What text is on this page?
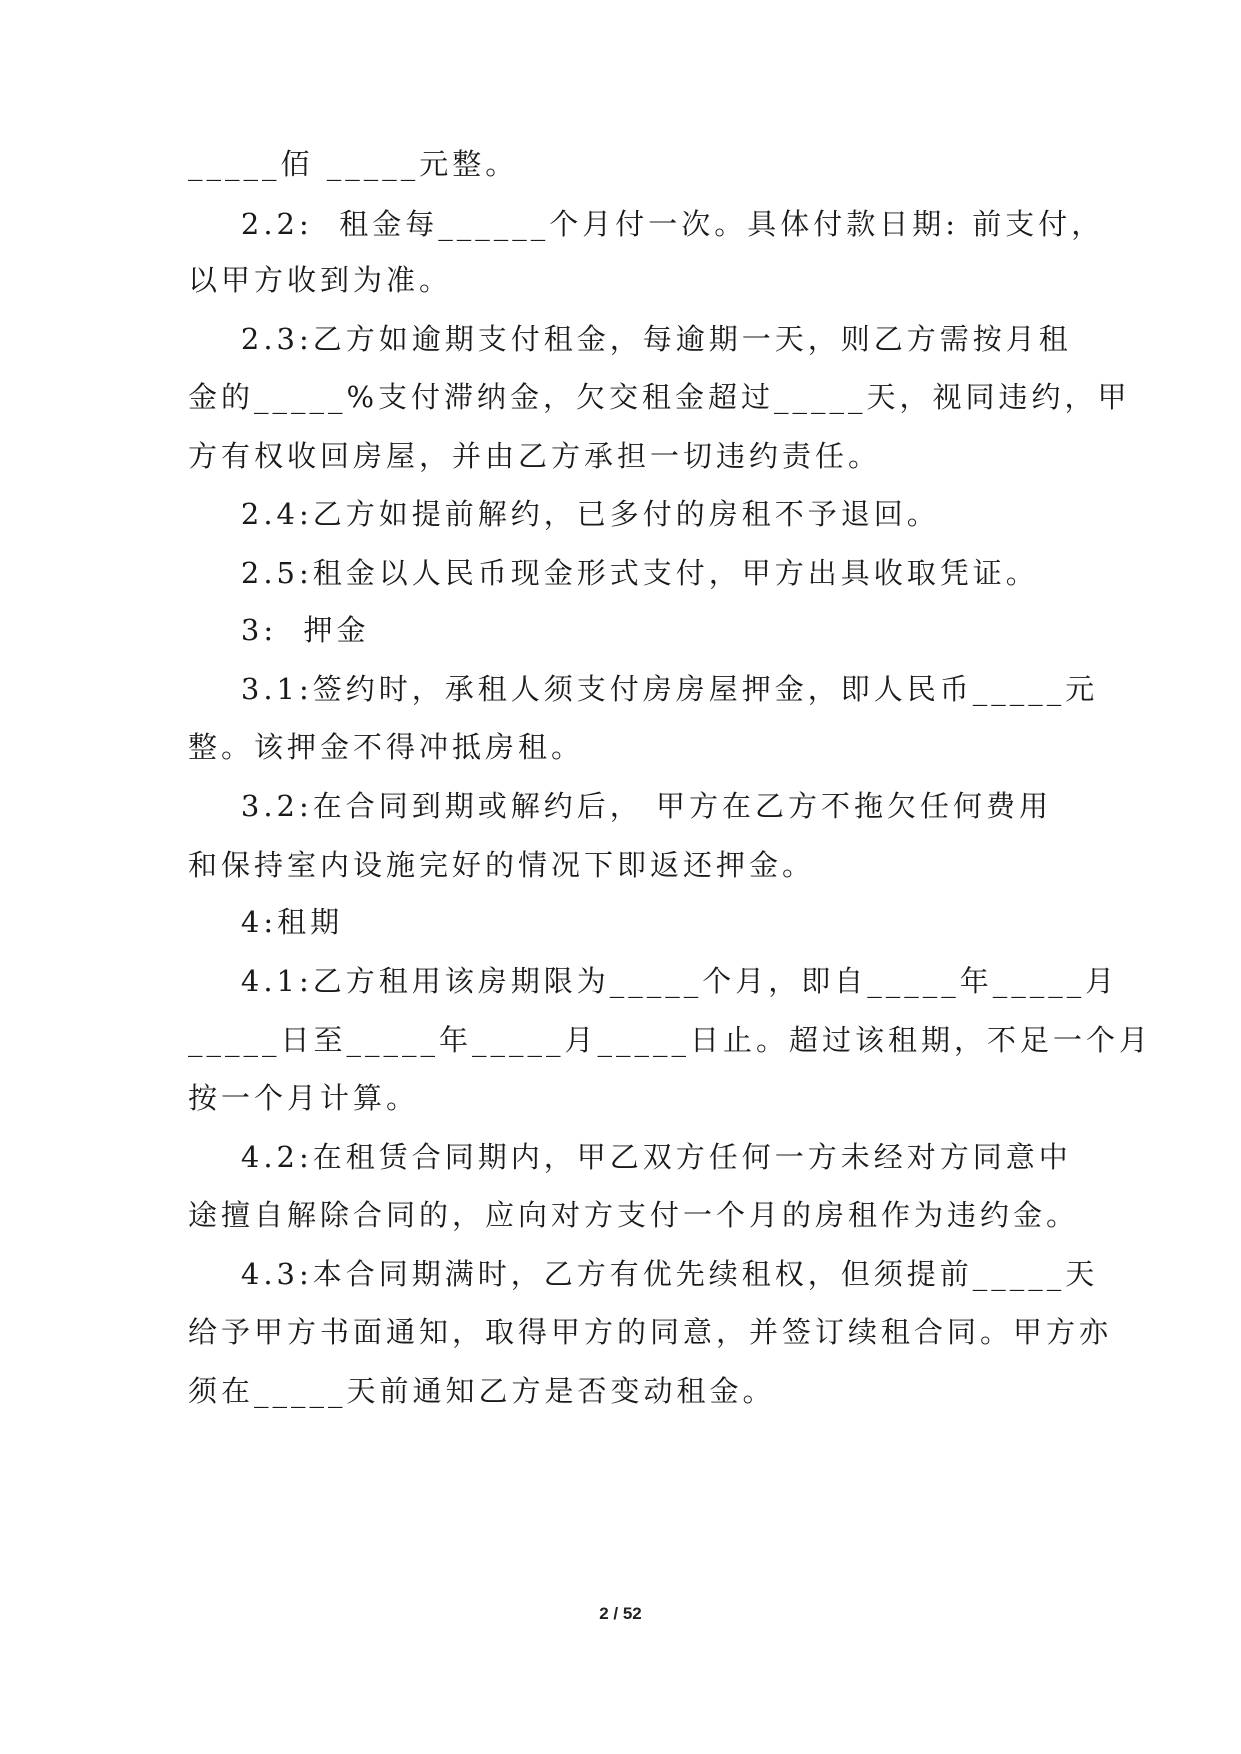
_____佰 _____元整。
2.2:  租金每______个月付一次。具体付款日期: 前支付，
以甲方收到为准。
2.3:乙方如逾期支付租金，每逾期一天，则乙方需按月租
金的_____%支付滞纳金，欠交租金超过_____天，视同违约，甲
方有权收回房屋，并由乙方承担一切违约责任。
2.4:乙方如提前解约，已多付的房租不予退回。
2.5:租金以人民币现金形式支付，甲方出具收取凭证。
3:  押金
3.1:签约时，承租人须支付房房屋押金，即人民币_____元
整。该押金不得冲抵房租。
3.2:在合同到期或解约后， 甲方在乙方不拖欠任何费用
和保持室内设施完好的情况下即返还押金。
4:租期
4.1:乙方租用该房期限为_____个月，即自_____年_____月
_____日至_____年_____月_____日止。超过该租期，不足一个月
按一个月计算。
4.2:在租赁合同期内，甲乙双方任何一方未经对方同意中
途擅自解除合同的，应向对方支付一个月的房租作为违约金。
4.3:本合同期满时，乙方有优先续租权，但须提前_____天
给予甲方书面通知，取得甲方的同意，并签订续租合同。甲方亦
须在_____天前通知乙方是否变动租金。
2 / 52
